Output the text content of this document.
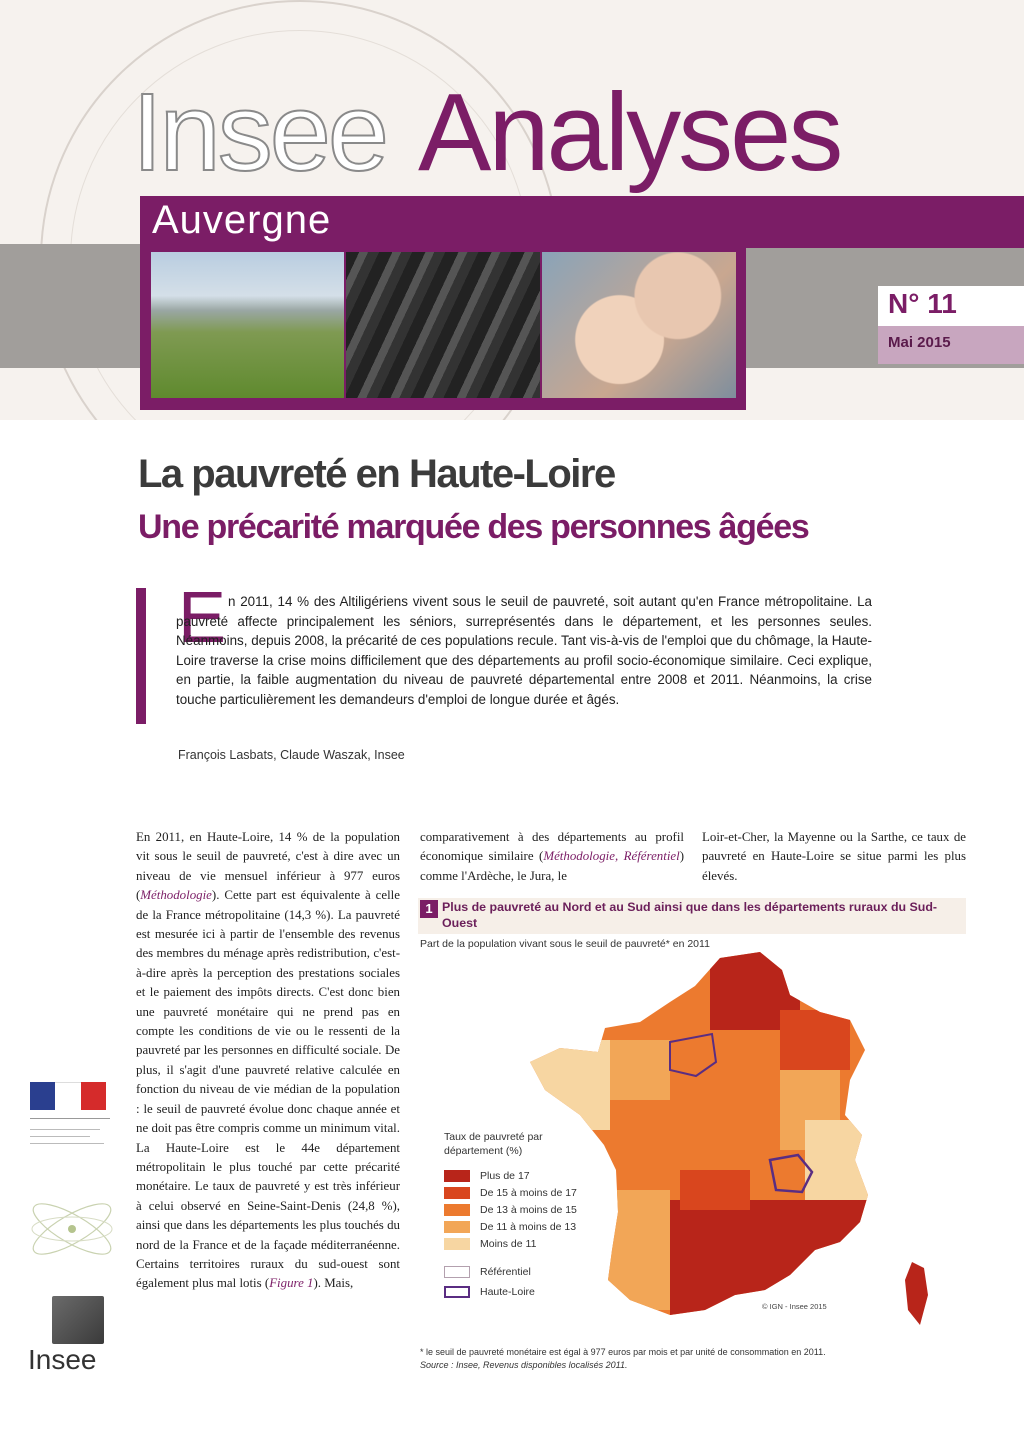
Insee Analyses
Auvergne
N° 11
Mai 2015
La pauvreté en Haute-Loire
Une précarité marquée des personnes âgées
E n 2011, 14 % des Altiligériens vivent sous le seuil de pauvreté, soit autant qu'en France métropolitaine. La pauvreté affecte principalement les séniors, surreprésentés dans le département, et les personnes seules. Néanmoins, depuis 2008, la précarité de ces populations recule. Tant vis-à-vis de l'emploi que du chômage, la Haute-Loire traverse la crise moins difficilement que des départements au profil socio-économique similaire. Ceci explique, en partie, la faible augmentation du niveau de pauvreté départemental entre 2008 et 2011. Néanmoins, la crise touche particulièrement les demandeurs d'emploi de longue durée et âgés.

François Lasbats, Claude Waszak, Insee
En 2011, en Haute-Loire, 14 % de la population vit sous le seuil de pauvreté, c'est à dire avec un niveau de vie mensuel inférieur à 977 euros (Méthodologie). Cette part est équivalente à celle de la France métropolitaine (14,3 %). La pauvreté est mesurée ici à partir de l'ensemble des revenus des membres du ménage après redistribution, c'est-à-dire après la perception des prestations sociales et le paiement des impôts directs. C'est donc bien une pauvreté monétaire qui ne prend pas en compte les conditions de vie ou le ressenti de la pauvreté par les personnes en difficulté sociale. De plus, il s'agit d'une pauvreté relative calculée en fonction du niveau de vie médian de la population : le seuil de pauvreté évolue donc chaque année et ne doit pas être compris comme un minimum vital. La Haute-Loire est le 44e département métropolitain le plus touché par cette précarité monétaire. Le taux de pauvreté y est très inférieur à celui observé en Seine-Saint-Denis (24,8 %), ainsi que dans les départements les plus touchés du nord de la France et de la façade méditerranéenne. Certains territoires ruraux du sud-ouest sont également plus mal lotis (Figure 1). Mais,
comparativement à des départements au profil économique similaire (Méthodologie, Référentiel) comme l'Ardèche, le Jura, le
Loir-et-Cher, la Mayenne ou la Sarthe, ce taux de pauvreté en Haute-Loire se situe parmi les plus élevés.
1 Plus de pauvreté au Nord et au Sud ainsi que dans les départements ruraux du Sud-Ouest
Part de la population vivant sous le seuil de pauvreté* en 2011
Taux de pauvreté par département (%)
Plus de 17
De 15 à moins de 17
De 13 à moins de 15
De 11 à moins de 13
Moins de 11
Référentiel
Haute-Loire
© IGN - Insee 2015
* le seuil de pauvreté monétaire est égal à 977 euros par mois et par unité de consommation en 2011.
Source : Insee, Revenus disponibles localisés 2011.
Insee
